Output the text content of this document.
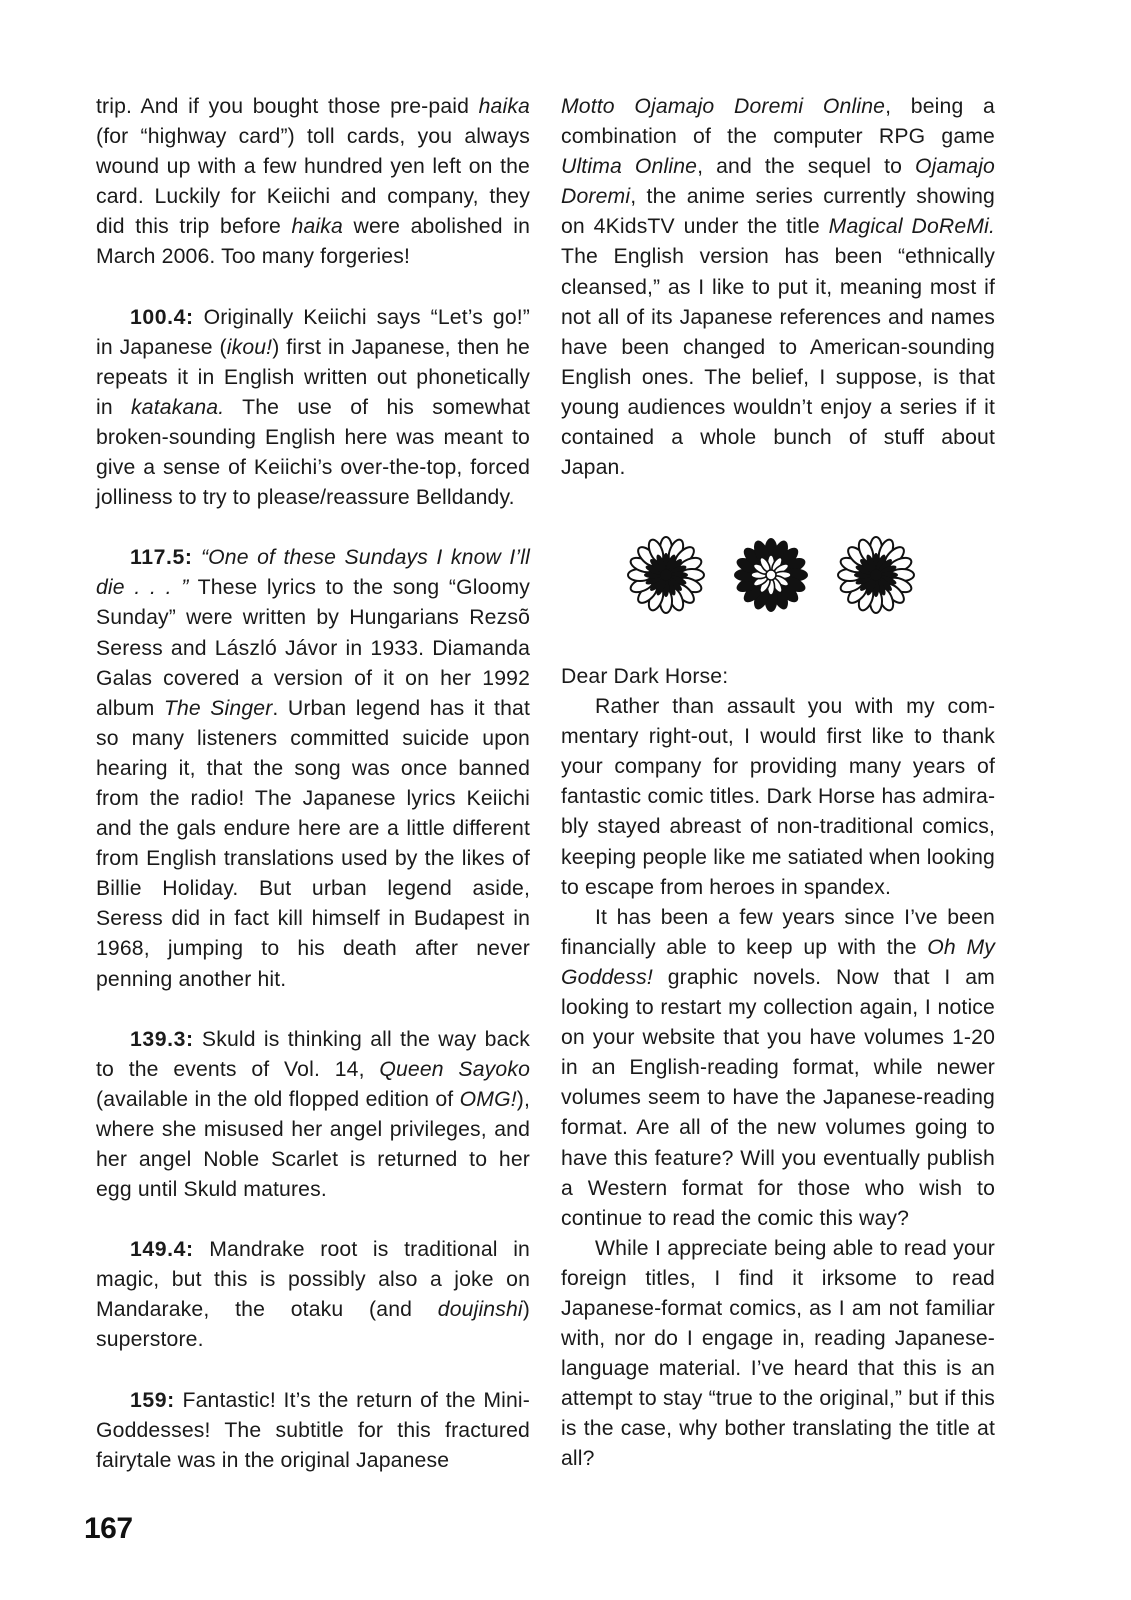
trip. And if you bought those pre-paid haika (for “highway card”) toll cards, you always wound up with a few hundred yen left on the card. Luckily for Keiichi and company, they did this trip before haika were abolished in March 2006. Too many forgeries!

100.4: Originally Keiichi says “Let’s go!” in Japanese (ikou!) first in Japanese, then he repeats it in English written out phonetically in katakana. The use of his somewhat broken-sounding English here was meant to give a sense of Keiichi’s over-the-top, forced jolliness to try to please/reassure Belldandy.

117.5: “One of these Sundays I know I’ll die . . . ” These lyrics to the song “Gloomy Sunday” were written by Hungarians Rezsõ Seress and László Jávor in 1933. Diamanda Galas covered a version of it on her 1992 album The Singer. Urban legend has it that so many listeners committed suicide upon hearing it, that the song was once banned from the radio! The Japanese lyrics Keiichi and the gals endure here are a little different from English translations used by the likes of Billie Holiday. But urban legend aside, Seress did in fact kill himself in Budapest in 1968, jumping to his death after never penning another hit.

139.3: Skuld is thinking all the way back to the events of Vol. 14, Queen Sayoko (available in the old flopped edition of OMG!), where she misused her angel privileges, and her angel Noble Scarlet is returned to her egg until Skuld matures.

149.4: Mandrake root is traditional in magic, but this is possibly also a joke on Mandarake, the otaku (and doujinshi) superstore.

159: Fantastic! It’s the return of the Mini-Goddesses! The subtitle for this fractured fairytale was in the original Japanese

Motto Ojamajo Doremi Online, being a combination of the computer RPG game Ultima Online, and the sequel to Ojamajo Doremi, the anime series currently showing on 4KidsTV under the title Magical DoReMi. The English version has been “ethnically cleansed,” as I like to put it, meaning most if not all of its Japanese references and names have been changed to American-sounding English ones. The belief, I suppose, is that young audiences wouldn’t enjoy a series if it contained a whole bunch of stuff about Japan.

Dear Dark Horse:

Rather than assault you with my commentary right-out, I would first like to thank your company for providing many years of fantastic comic titles. Dark Horse has admirably stayed abreast of non-traditional comics, keeping people like me satiated when looking to escape from heroes in spandex.

It has been a few years since I’ve been financially able to keep up with the Oh My Goddess! graphic novels. Now that I am looking to restart my collection again, I notice on your website that you have volumes 1-20 in an English-reading format, while newer volumes seem to have the Japanese-reading format. Are all of the new volumes going to have this feature? Will you eventually publish a Western format for those who wish to continue to read the comic this way?

While I appreciate being able to read your foreign titles, I find it irksome to read Japanese-format comics, as I am not familiar with, nor do I engage in, reading Japanese-language material. I’ve heard that this is an attempt to stay “true to the original,” but if this is the case, why bother translating the title at all?

167
